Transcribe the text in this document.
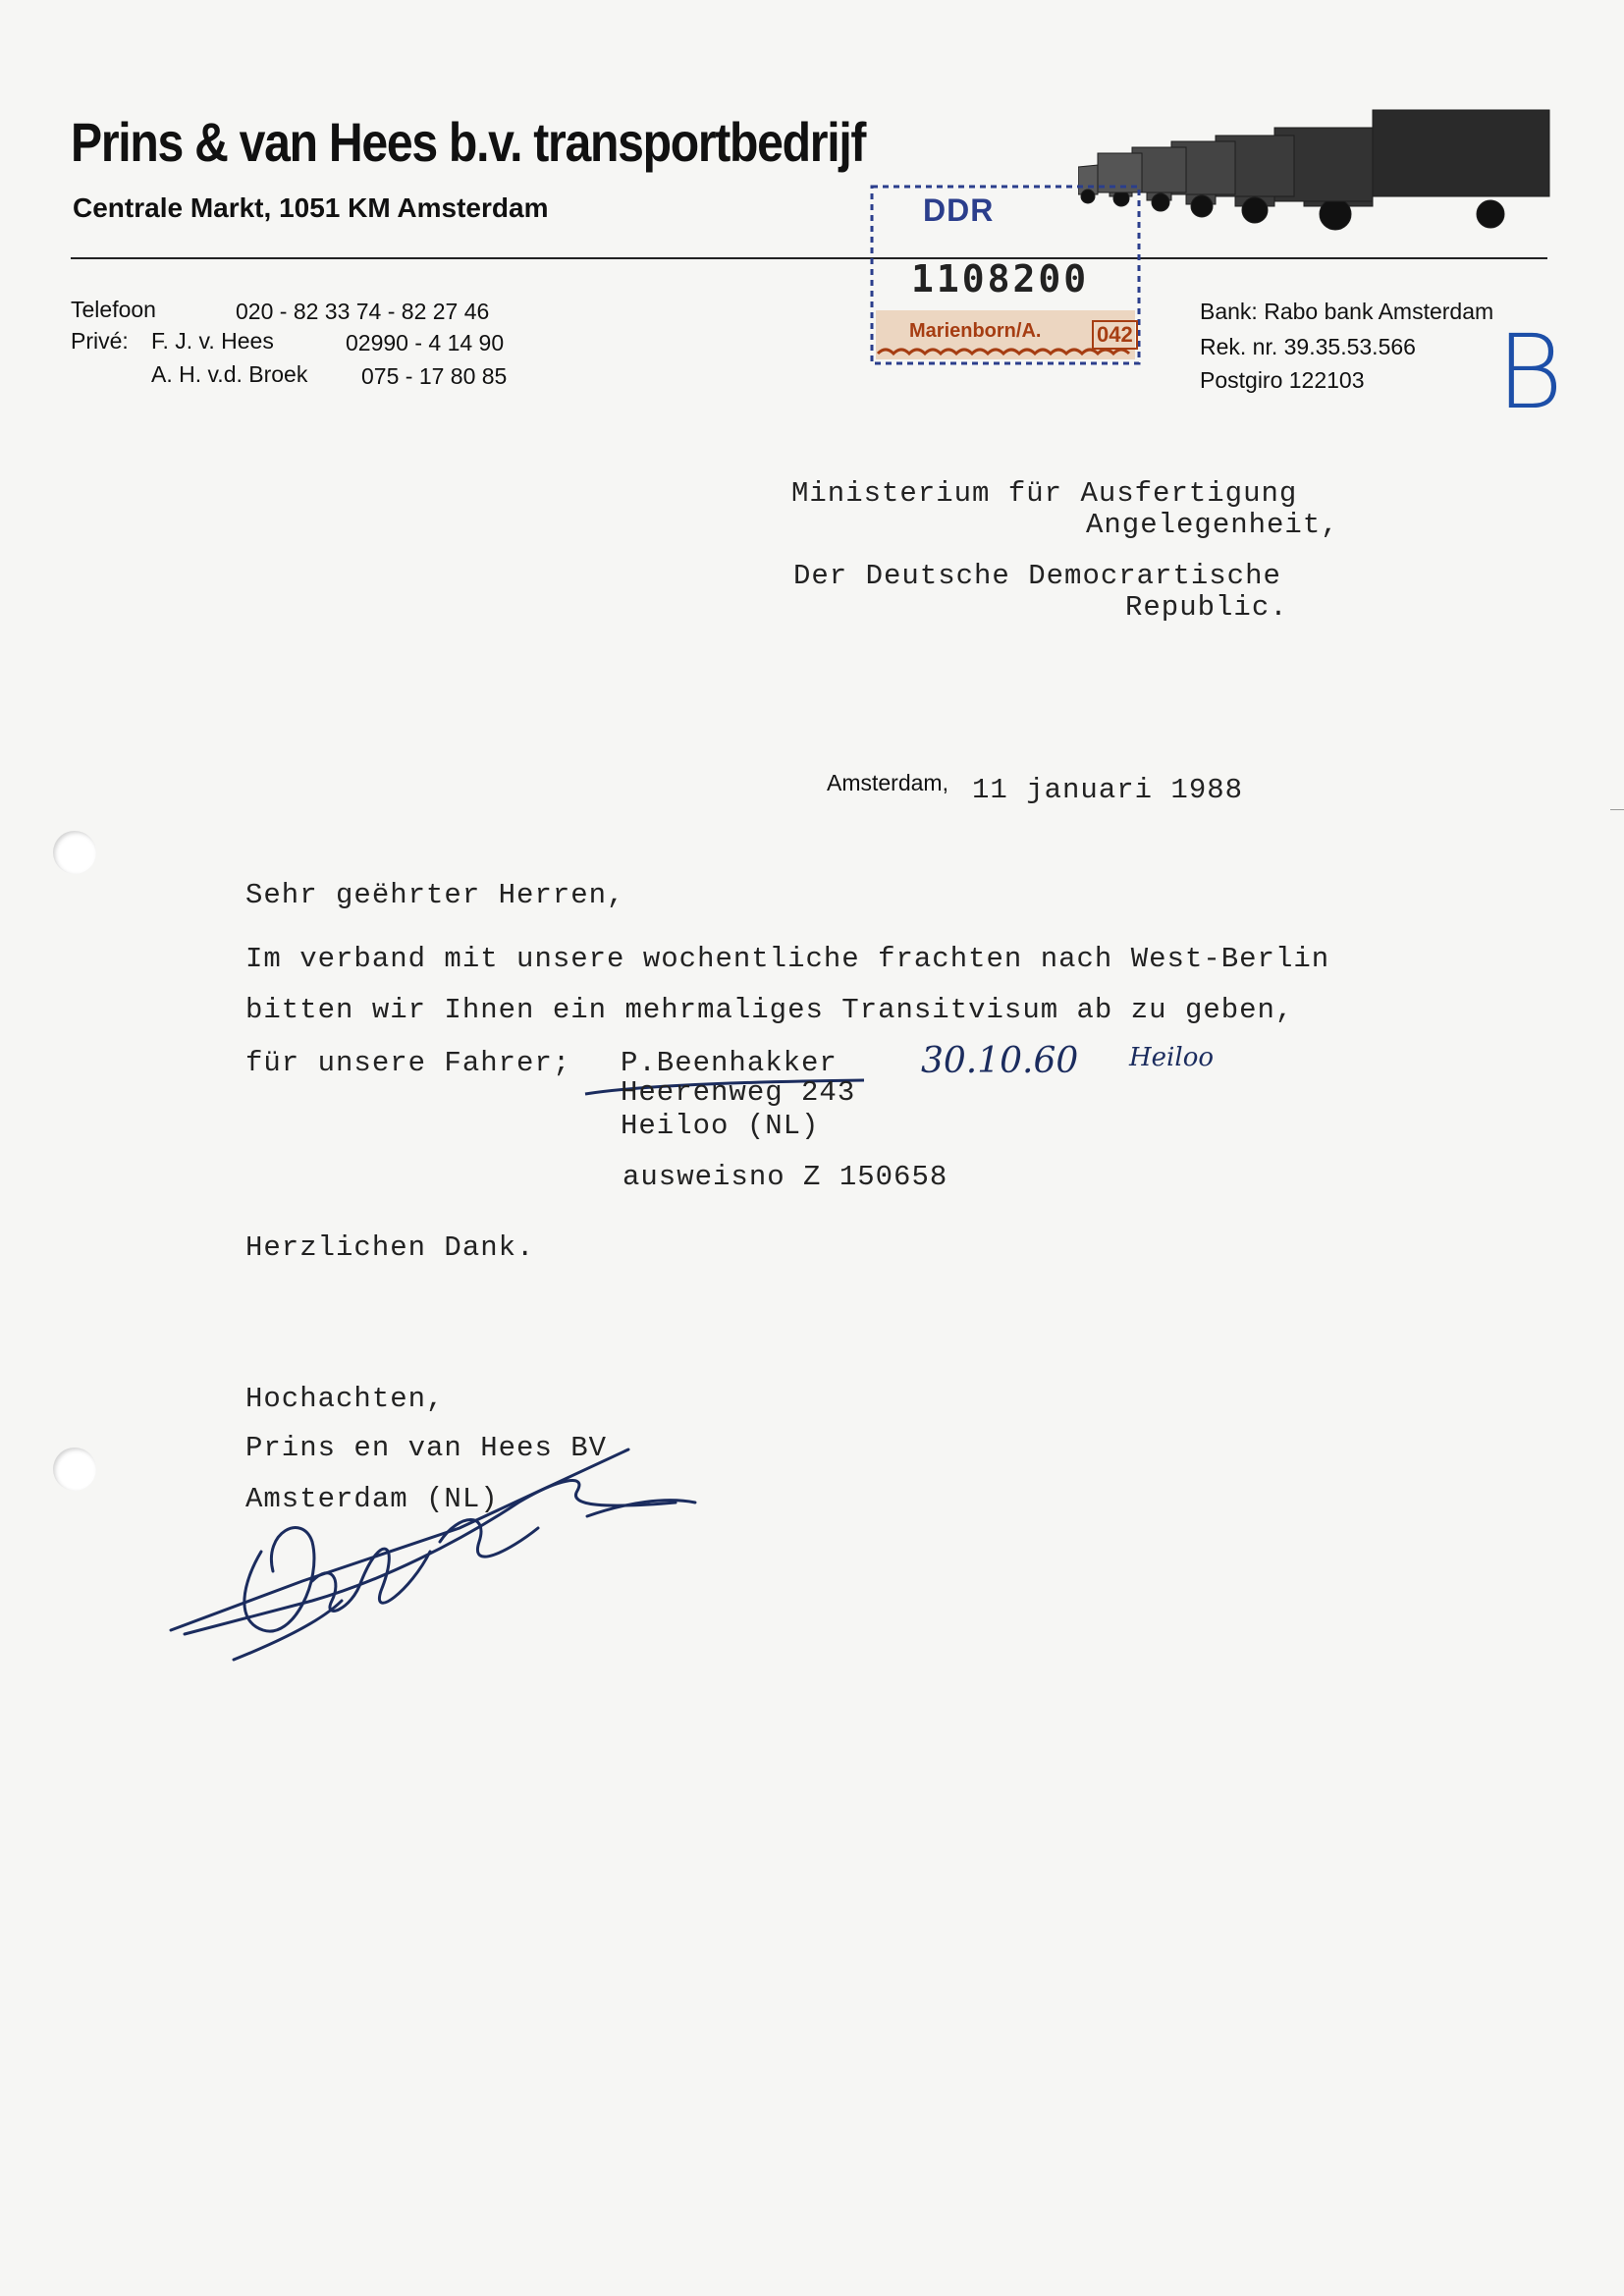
Prins & van Hees b.v. transportbedrijf
Centrale Markt, 1051 KM Amsterdam
Telefoon	020 - 82 33 74 - 82 27 46
Privé: F. J. v. Hees	02990 - 4 14 90
A. H. v.d. Broek 075 - 17 80 85
Bank: Rabo bank Amsterdam
Rek. nr. 39.35.53.566
Postgiro 122103
DDR
1108200
Marienborn/A.	042	B
Ministerium für Ausfertigung
Angelegenheit,
Der Deutsche Democrartische
Republic.
Amsterdam, 11 januari 1988
Sehr geëhrter Herren,
Im verband mit unsere wochentliche frachten nach West-Berlin
bitten wir Ihnen ein mehrmaliges Transitvisum ab zu geben,
für unsere Fahrer; P.Beenhakker 30.10.60 Heiloo
Heerenweg 243
Heiloo (NL)
ausweisno Z 150658
Herzlichen Dank.
Hochachten,
Prins en van Hees BV
Amsterdam (NL)
